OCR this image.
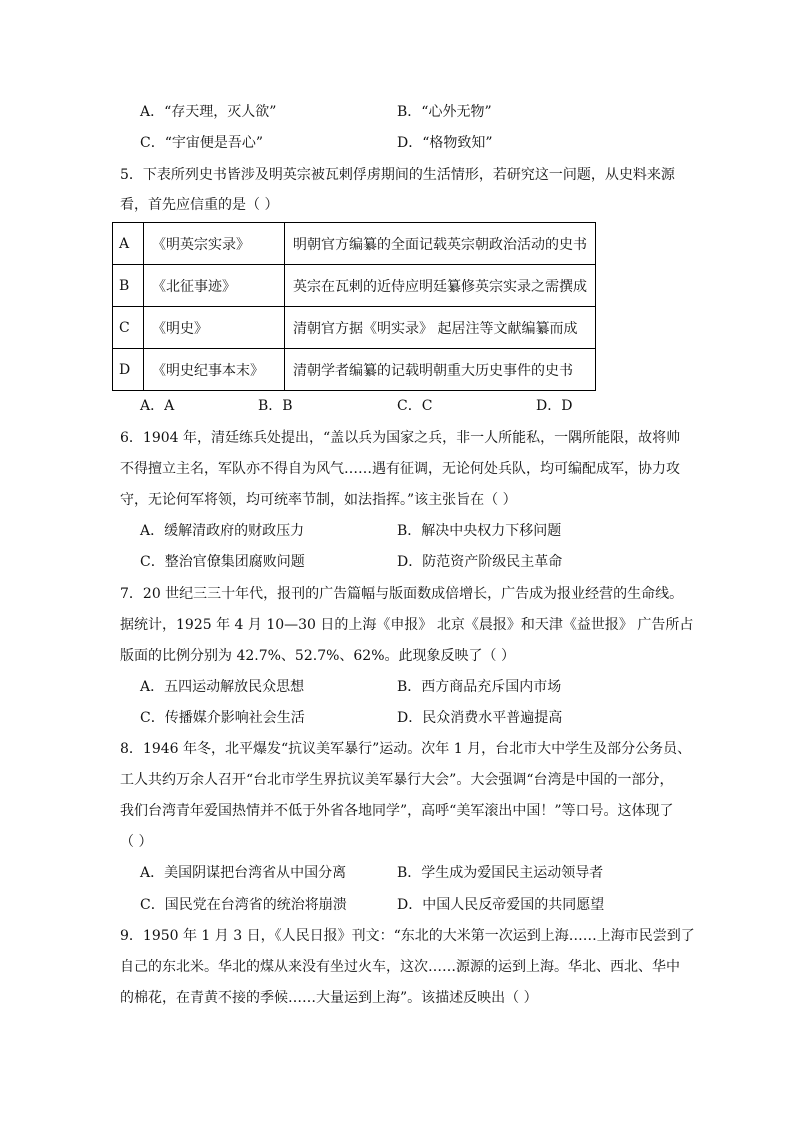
A．“存天理，灭人欲”	B．“心外无物”
C．“宇宙便是吾心”	D．“格物致知”
5．下表所列史书皆涉及明英宗被瓦剌俘虏期间的生活情形，若研究这一问题，从史料来源
看，首先应信重的是（ ）
A	《明英宗实录》	明朝官方编纂的全面记载英宗朝政治活动的史书
B	《北征事迹》	英宗在瓦剌的近侍应明廷纂修英宗实录之需撰成
C	《明史》	清朝官方据《明实录》 起居注等文献编纂而成
D	《明史纪事本末》	清朝学者编纂的记载明朝重大历史事件的史书
A．A	B．B	C．C	D．D
6．1904 年，清廷练兵处提出，“盖以兵为国家之兵，非一人所能私，一隅所能限，故将帅
不得擅立主名，军队亦不得自为风气……遇有征调，无论何处兵队，均可编配成军，协力攻
守，无论何军将领，均可统率节制，如法指挥。”该主张旨在（ ）
A．缓解清政府的财政压力	B．解决中央权力下移问题
C．整治官僚集团腐败问题	D．防范资产阶级民主革命
7．20 世纪三三十年代，报刊的广告篇幅与版面数成倍增长，广告成为报业经营的生命线。
据统计，1925 年 4 月 10—30 日的上海《申报》 北京《晨报》和天津《益世报》 广告所占
版面的比例分别为 42.7%、52.7%、62%。此现象反映了（ ）
A．五四运动解放民众思想	B．西方商品充斥国内市场
C．传播媒介影响社会生活	D．民众消费水平普遍提高
8．1946 年冬，北平爆发“抗议美军暴行”运动。次年 1 月，台北市大中学生及部分公务员、
工人共约万余人召开“台北市学生界抗议美军暴行大会”。大会强调“台湾是中国的一部分，
我们台湾青年爱国热情并不低于外省各地同学”，高呼“美军滚出中国！”等口号。这体现了
（ ）
A．美国阴谋把台湾省从中国分离	B．学生成为爱国民主运动领导者
C．国民党在台湾省的统治将崩溃	D．中国人民反帝爱国的共同愿望
9．1950 年 1 月 3 日，《人民日报》刊文：“东北的大米第一次运到上海……上海市民尝到了
自己的东北米。华北的煤从来没有坐过火车，这次……源源的运到上海。华北、西北、华中
的棉花，在青黄不接的季候……大量运到上海”。该描述反映出（ ）
